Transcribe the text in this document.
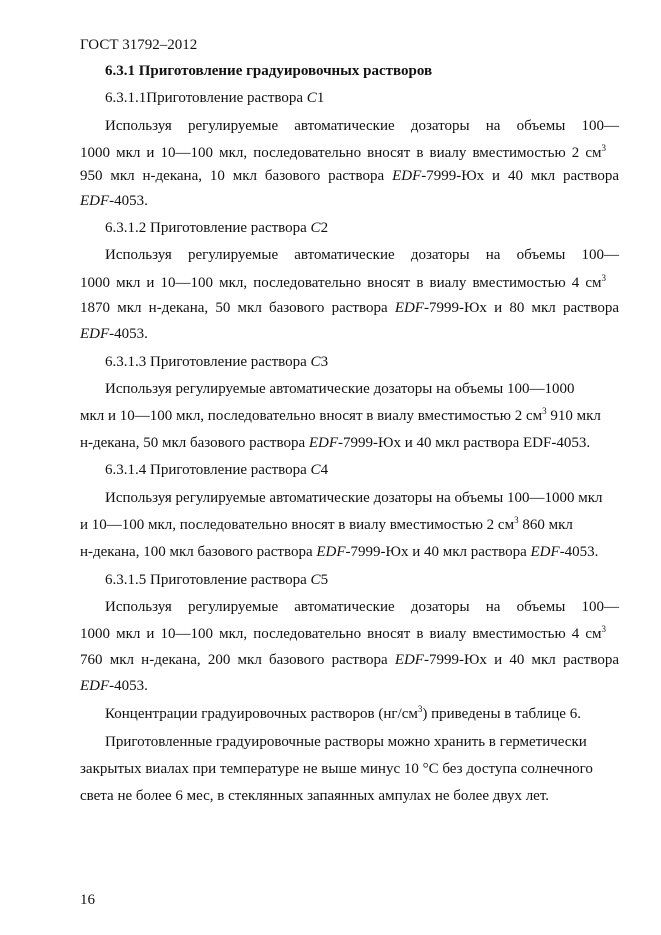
ГОСТ 31792–2012
6.3.1 Приготовление градуировочных растворов
6.3.1.1Приготовление раствора C1
Используя регулируемые автоматические дозаторы на объемы 100—
1000 мкл и 10—100 мкл, последовательно вносят в виалу вместимостью 2 $см^3$
950 мкл н-декана, 10 мкл базового раствора EDF-7999-Юх и 40 мкл раствора
EDF-4053.
6.3.1.2 Приготовление раствора C2
Используя регулируемые автоматические дозаторы на объемы 100—
1000 мкл и 10—100 мкл, последовательно вносят в виалу вместимостью 4 $см^3$
1870 мкл н-декана, 50 мкл базового раствора EDF-7999-Юх и 80 мкл раствора
EDF-4053.
6.3.1.3 Приготовление раствора C3
Используя регулируемые автоматические дозаторы на объемы 100—1000
мкл и 10—100 мкл, последовательно вносят в виалу вместимостью 2 $см^3$ 910 мкл
н-декана, 50 мкл базового раствора EDF-7999-Юх и 40 мкл раствора EDF-4053.
6.3.1.4 Приготовление раствора C4
Используя регулируемые автоматические дозаторы на объемы 100—1000 мкл
и 10—100 мкл, последовательно вносят в виалу вместимостью 2 $см^3$ 860 мкл
н-декана, 100 мкл базового раствора EDF-7999-Юх и 40 мкл раствора EDF-4053.
6.3.1.5 Приготовление раствора C5
Используя регулируемые автоматические дозаторы на объемы 100—
1000 мкл и 10—100 мкл, последовательно вносят в виалу вместимостью 4 $см^3$
760 мкл н-декана, 200 мкл базового раствора EDF-7999-Юх и 40 мкл раствора
EDF-4053.
Концентрации градуировочных растворов $(нг/см^3)$ приведены в таблице 6.
Приготовленные градуировочные растворы можно хранить в герметически
закрытых виалах при температуре не выше минус 10 °С без доступа солнечного
света не более 6 мес, в стеклянных запаянных ампулах не более двух лет.
16
